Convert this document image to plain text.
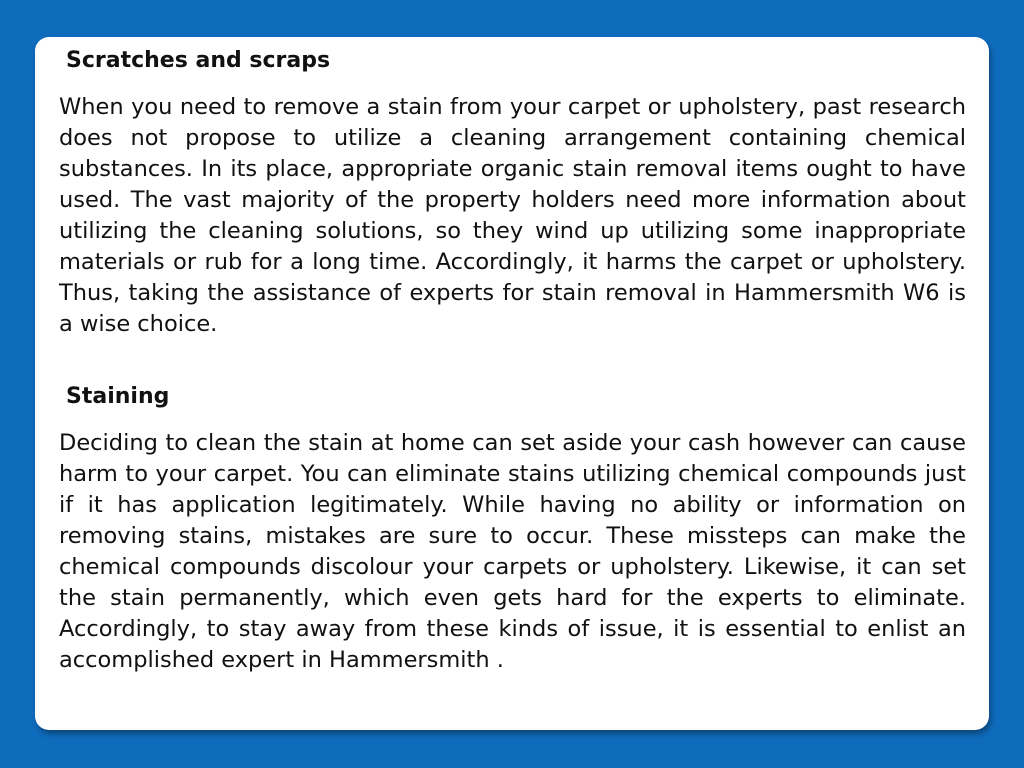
Scratches and scraps

When you need to remove a stain from your carpet or upholstery, past research does not propose to utilize a cleaning arrangement containing chemical substances. In its place, appropriate organic stain removal items ought to have used. The vast majority of the property holders need more information about utilizing the cleaning solutions, so they wind up utilizing some inappropriate materials or rub for a long time. Accordingly, it harms the carpet or upholstery. Thus, taking the assistance of experts for stain removal in Hammersmith W6 is a wise choice.

Staining

Deciding to clean the stain at home can set aside your cash however can cause harm to your carpet. You can eliminate stains utilizing chemical compounds just if it has application legitimately. While having no ability or information on removing stains, mistakes are sure to occur. These missteps can make the chemical compounds discolour your carpets or upholstery. Likewise, it can set the stain permanently, which even gets hard for the experts to eliminate. Accordingly, to stay away from these kinds of issue, it is essential to enlist an accomplished expert in Hammersmith .
